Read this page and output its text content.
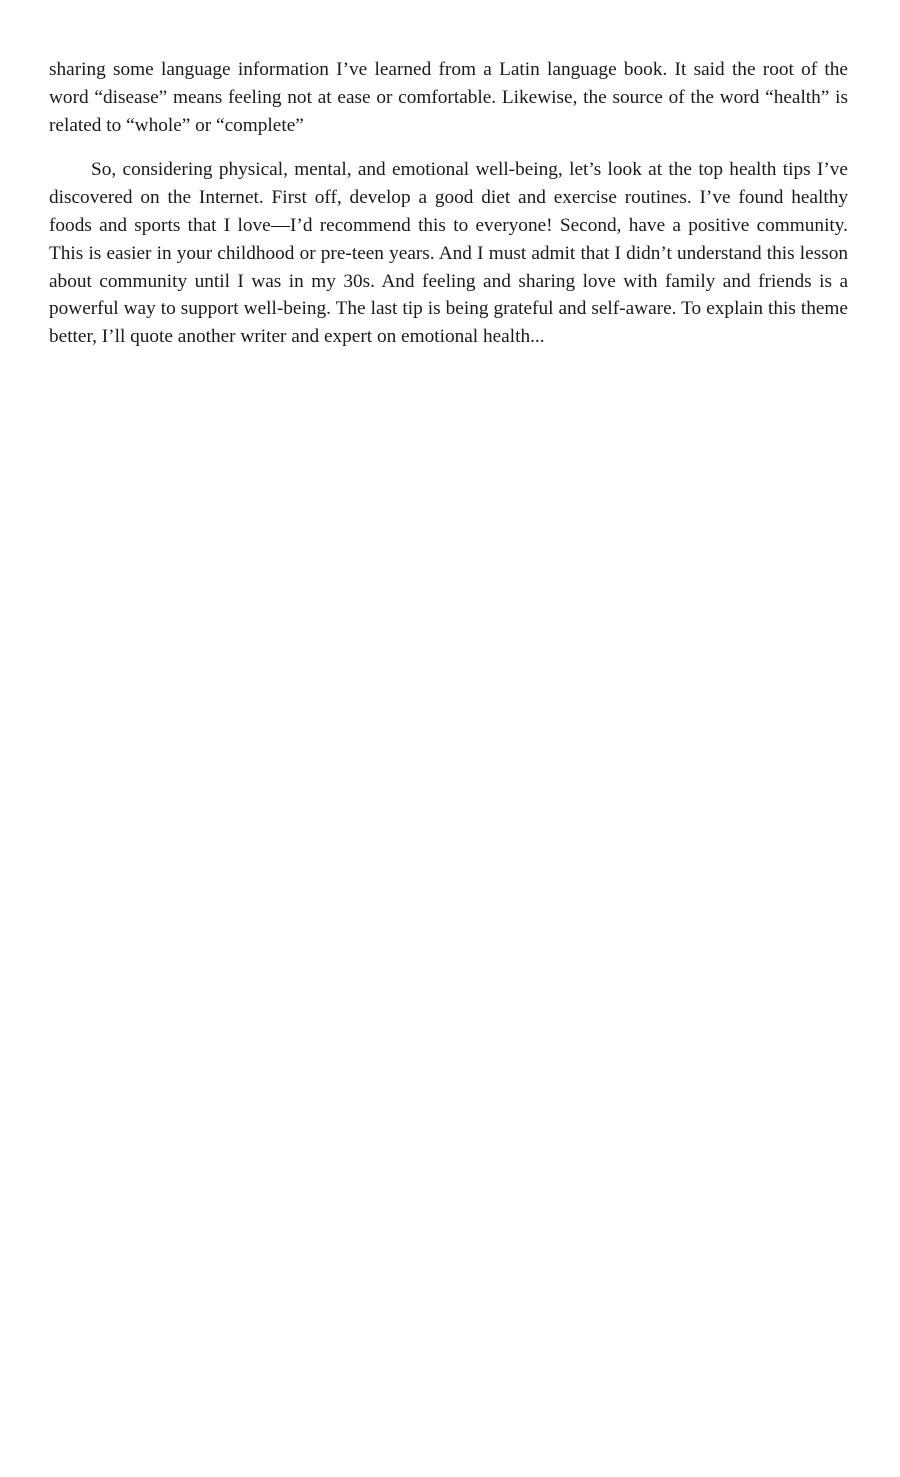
sharing some language information I’ve learned from a Latin language book. It said the root of the word “disease” means feeling not at ease or comfortable. Likewise, the source of the word “health” is related to “whole” or “complete”

So, considering physical, mental, and emotional well-being, let’s look at the top health tips I’ve discovered on the Internet. First off, develop a good diet and exercise routines. I’ve found healthy foods and sports that I love—I’d recommend this to everyone! Second, have a positive community. This is easier in your childhood or pre-teen years. And I must admit that I didn’t understand this lesson about community until I was in my 30s. And feeling and sharing love with family and friends is a powerful way to support well-being. The last tip is being grateful and self-aware. To explain this theme better, I’ll quote another writer and expert on emotional health...
